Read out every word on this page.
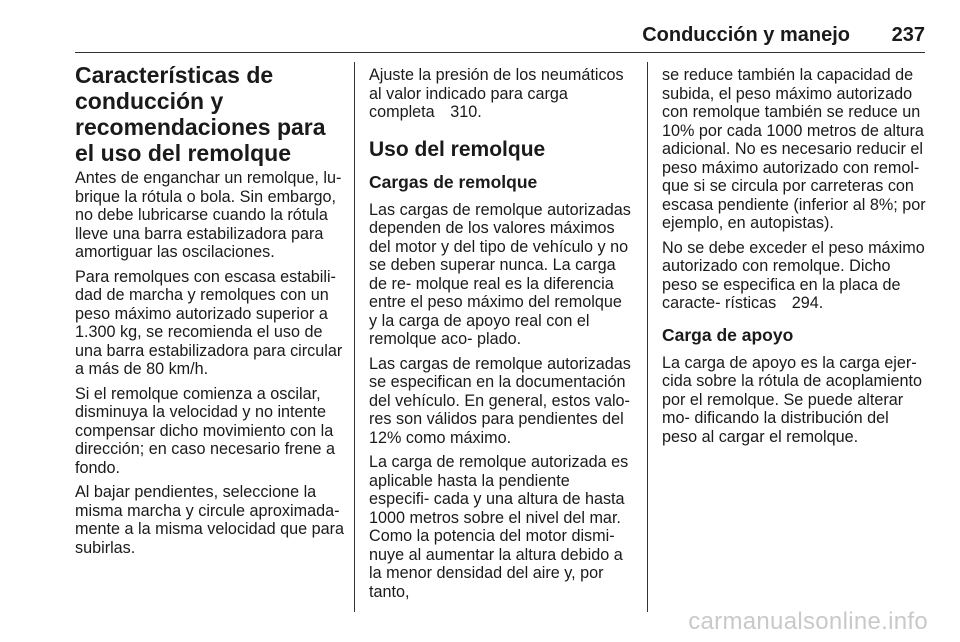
Conducción y manejo 237
Características de conducción y recomendaciones para el uso del remolque

Antes de enganchar un remolque, lu- brique la rótula o bola. Sin embargo, no debe lubricarse cuando la rótula lleve una barra estabilizadora para amortiguar las oscilaciones.

Para remolques con escasa estabili- dad de marcha y remolques con un peso máximo autorizado superior a 1.300 kg, se recomienda el uso de una barra estabilizadora para circular a más de 80 km/h.

Si el remolque comienza a oscilar, disminuya la velocidad y no intente compensar dicho movimiento con la dirección; en caso necesario frene a fondo.

Al bajar pendientes, seleccione la misma marcha y circule aproximada- mente a la misma velocidad que para subirlas.

Ajuste la presión de los neumáticos al valor indicado para carga completa 310.

Uso del remolque
Cargas de remolque

Las cargas de remolque autorizadas dependen de los valores máximos del motor y del tipo de vehículo y no se deben superar nunca. La carga de re- molque real es la diferencia entre el peso máximo del remolque y la carga de apoyo real con el remolque aco- plado.

Las cargas de remolque autorizadas se especifican en la documentación del vehículo. En general, estos valo- res son válidos para pendientes del 12% como máximo.

La carga de remolque autorizada es aplicable hasta la pendiente especifi- cada y una altura de hasta 1000 metros sobre el nivel del mar. Como la potencia del motor dismi- nuye al aumentar la altura debido a la menor densidad del aire y, por tanto,

se reduce también la capacidad de subida, el peso máximo autorizado con remolque también se reduce un 10% por cada 1000 metros de altura adicional. No es necesario reducir el peso máximo autorizado con remol- que si se circula por carreteras con escasa pendiente (inferior al 8%; por ejemplo, en autopistas).

No se debe exceder el peso máximo autorizado con remolque. Dicho peso se especifica en la placa de caracte- rísticas 294.

Carga de apoyo

La carga de apoyo es la carga ejer- cida sobre la rótula de acoplamiento por el remolque. Se puede alterar mo- dificando la distribución del peso al cargar el remolque.

carmanualsonline.info
